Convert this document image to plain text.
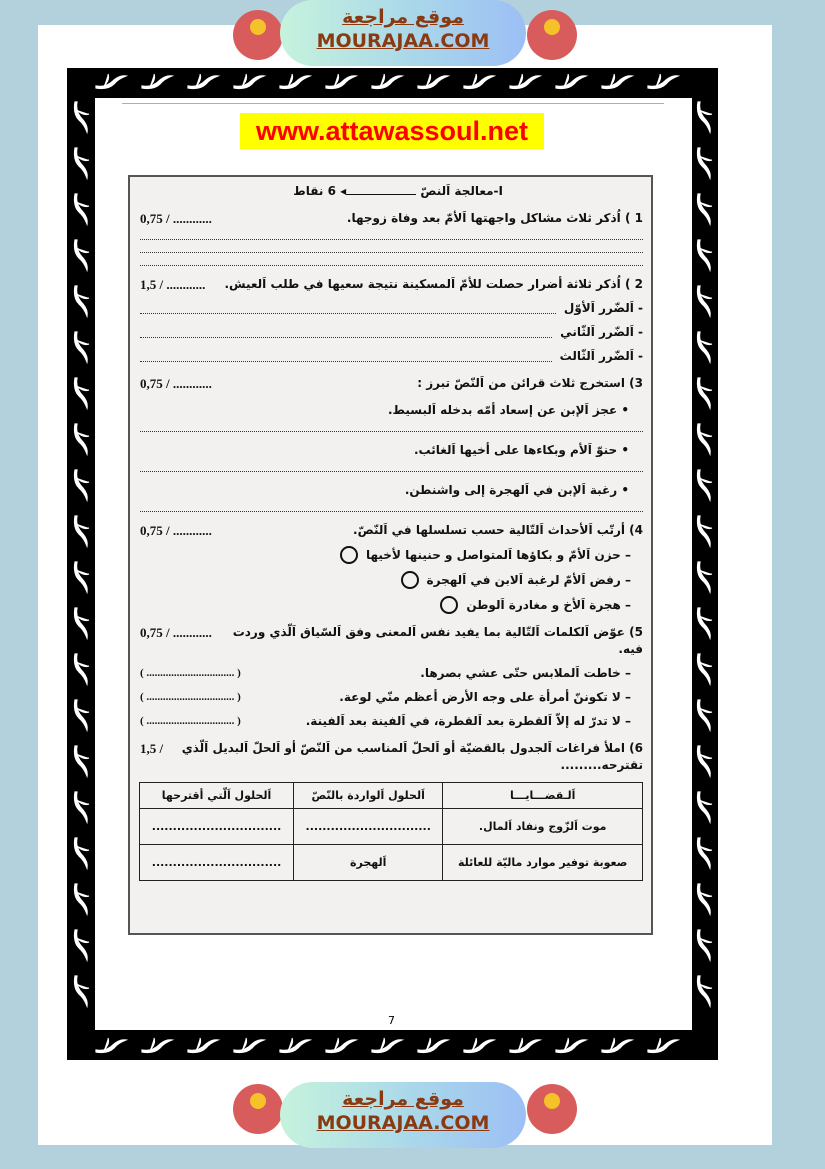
موقع مراجعة
MOURAJAA.COM
www.attawassoul.net
I-معالجة اَلنصّ ◂ 6 نقاط
1 ) اُذكر ثلاث مشاكل واجهتها اَلأمّ بعد وفاة زوجها.
0,75 / ............
2 ) اُذكر ثلاثة أضرار حصلت للأمّ اَلمسكينة نتيجة سعيها في طلب اَلعيش.
1,5 / ............
- اَلضّرر اَلأوّل
- اَلضّرر اَلثّاني
- اَلضّرر اَلثّالث
3) استخرج ثلاث قرائن من اَلنّصّ تبرز :
0,75 / ............
• عجز اَلإبن عن إسعاد أمّه بدخله اَلبسيط.
• حنوّ اَلأم وبكاءها على أخيها اَلغائب.
• رغبة اَلإبن في اَلهجرة إلى واشنطن.
4) أرتّب اَلأحداث اَلتّالية حسب تسلسلها في اَلنّصّ.
0,75 / ............
– حزن اَلأمّ و بكاؤها اَلمتواصل و حنينها لأخيها
– رفض اَلأمّ لرغبة اَلابن في اَلهجرة
– هجرة اَلأخ و مغادرة اَلوطن
5) عوّض اَلكلمات اَلتّالية بما يفيد نفس اَلمعنى وفق اَلسّياق اَلّذي وردت فيه.
0,75 / ............
– خاطت اَلملابس حتّى عشي بصرها.
( ................................ )
– لا تكوننّ أمرأة على وجه الأرض أعظم منّي لوعة.
( ................................ )
– لا تدرّ له إلاّ اَلقطرة بعد اَلقطرة، في اَلفينة بعد اَلفينة.
( ................................ )
6) املأ فراغات اَلجدول بالقضيّة أو اَلحلّ اَلمناسب من اَلنّصّ أو اَلحلّ اَلبديل اَلّذي تقترحه.........
1,5 /
اَلـقضـــايـــا	اَلحلول اَلواردة بالنّصّ	اَلحلول اَلّتي أقترحها
موت اَلزّوج ونفاد اَلمال.	..............................	...............................
صعوبة توفير موارد ماليّة للعائلة	اَلهجرة	...............................
7
موقع مراجعة
MOURAJAA.COM
